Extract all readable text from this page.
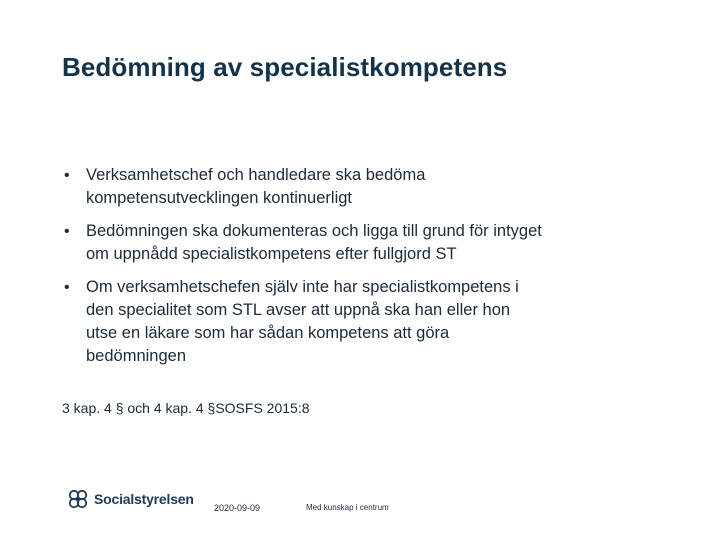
Bedömning av specialistkompetens
• Verksamhetschef och handledare ska bedöma
kompetensutvecklingen kontinuerligt
• Bedömningen ska dokumenteras och ligga till grund för intyget
om uppnådd specialistkompetens efter fullgjord ST
• Om verksamhetschefen själv inte har specialistkompetens i
den specialitet som STL avser att uppnå ska han eller hon
utse en läkare som har sådan kompetens att göra
bedömningen
3 kap. 4 § och 4 kap. 4 §SOSFS 2015:8
Socialstyrelsen
2020-09-09	Med kunskap i centrum
